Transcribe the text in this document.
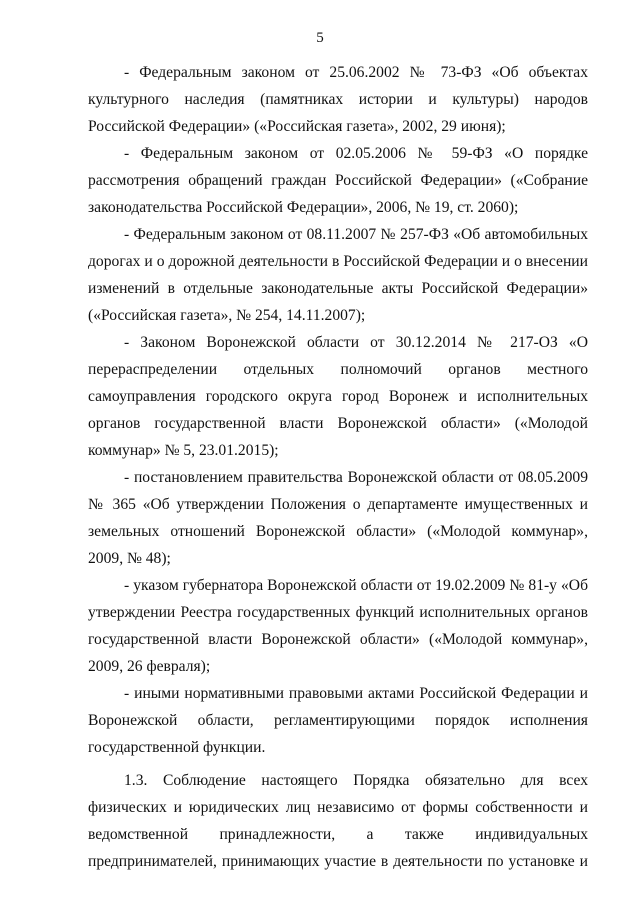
5

- Федеральным законом от 25.06.2002 № 73-ФЗ «Об объектах культурного наследия (памятниках истории и культуры) народов Российской Федерации» («Российская газета», 2002, 29 июня);

- Федеральным законом от 02.05.2006 № 59-ФЗ «О порядке рассмотрения обращений граждан Российской Федерации» («Собрание законодательства Российской Федерации», 2006, № 19, ст. 2060);

- Федеральным законом от 08.11.2007 № 257-ФЗ «Об автомобильных дорогах и о дорожной деятельности в Российской Федерации и о внесении изменений в отдельные законодательные акты Российской Федерации» («Российская газета», № 254, 14.11.2007);

- Законом Воронежской области от 30.12.2014 № 217-ОЗ «О перераспределении отдельных полномочий органов местного самоуправления городского округа город Воронеж и исполнительных органов государственной власти Воронежской области» («Молодой коммунар» № 5, 23.01.2015);

- постановлением правительства Воронежской области от 08.05.2009 № 365 «Об утверждении Положения о департаменте имущественных и земельных отношений Воронежской области» («Молодой коммунар», 2009, № 48);

- указом губернатора Воронежской области от 19.02.2009 № 81-у «Об утверждении Реестра государственных функций исполнительных органов государственной власти Воронежской области» («Молодой коммунар», 2009, 26 февраля);

- иными нормативными правовыми актами Российской Федерации и Воронежской области, регламентирующими порядок исполнения государственной функции.

1.3. Соблюдение настоящего Порядка обязательно для всех физических и юридических лиц независимо от формы собственности и ведомственной принадлежности, а также индивидуальных предпринимателей, принимающих участие в деятельности по установке и
